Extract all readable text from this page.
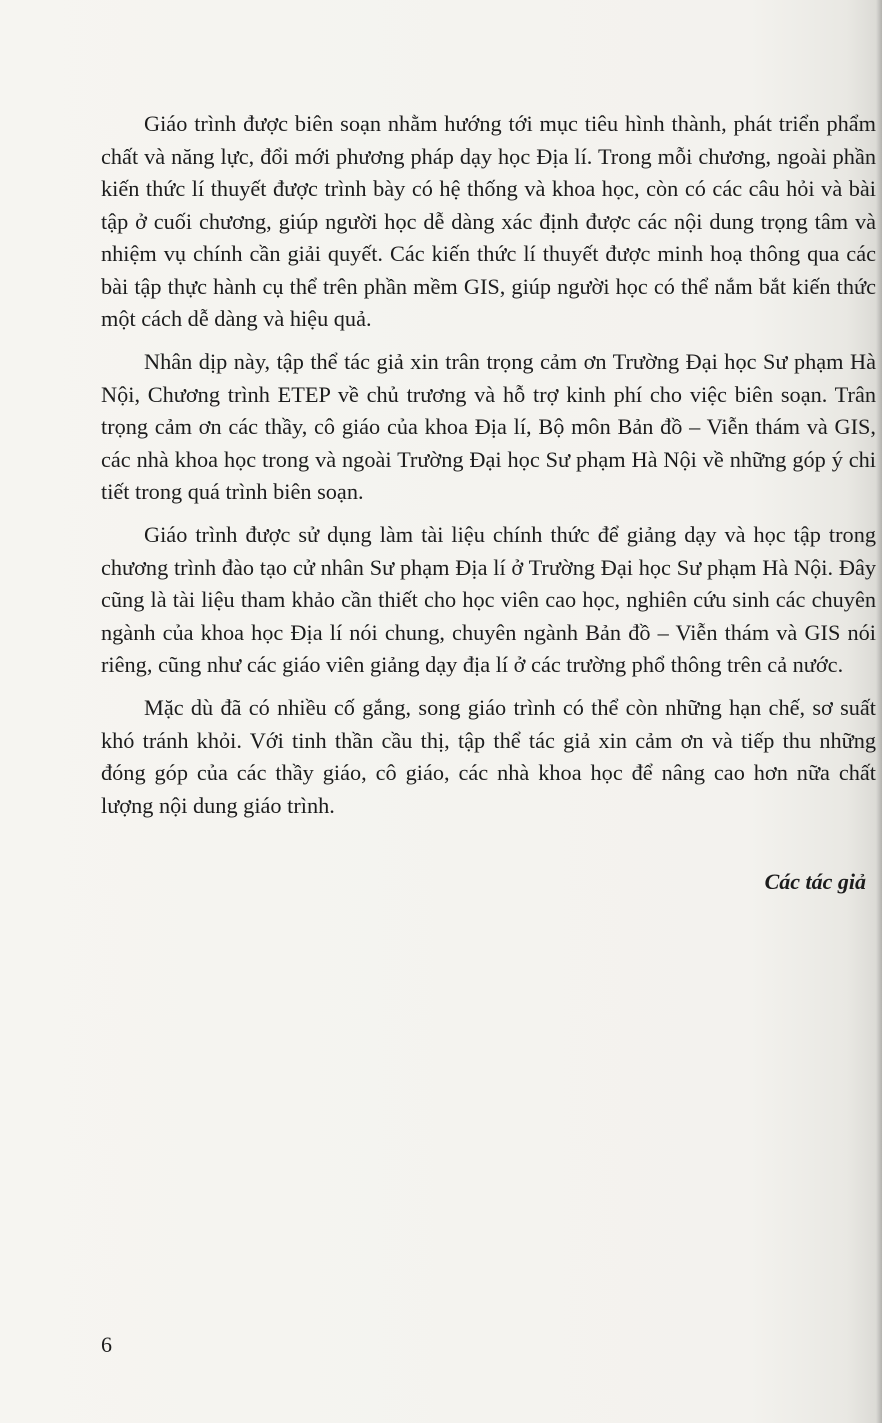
Giáo trình được biên soạn nhằm hướng tới mục tiêu hình thành, phát triển phẩm chất và năng lực, đổi mới phương pháp dạy học Địa lí. Trong mỗi chương, ngoài phần kiến thức lí thuyết được trình bày có hệ thống và khoa học, còn có các câu hỏi và bài tập ở cuối chương, giúp người học dễ dàng xác định được các nội dung trọng tâm và nhiệm vụ chính cần giải quyết. Các kiến thức lí thuyết được minh hoạ thông qua các bài tập thực hành cụ thể trên phần mềm GIS, giúp người học có thể nắm bắt kiến thức một cách dễ dàng và hiệu quả.

Nhân dịp này, tập thể tác giả xin trân trọng cảm ơn Trường Đại học Sư phạm Hà Nội, Chương trình ETEP về chủ trương và hỗ trợ kinh phí cho việc biên soạn. Trân trọng cảm ơn các thầy, cô giáo của khoa Địa lí, Bộ môn Bản đồ – Viễn thám và GIS, các nhà khoa học trong và ngoài Trường Đại học Sư phạm Hà Nội về những góp ý chi tiết trong quá trình biên soạn.

Giáo trình được sử dụng làm tài liệu chính thức để giảng dạy và học tập trong chương trình đào tạo cử nhân Sư phạm Địa lí ở Trường Đại học Sư phạm Hà Nội. Đây cũng là tài liệu tham khảo cần thiết cho học viên cao học, nghiên cứu sinh các chuyên ngành của khoa học Địa lí nói chung, chuyên ngành Bản đồ – Viễn thám và GIS nói riêng, cũng như các giáo viên giảng dạy địa lí ở các trường phổ thông trên cả nước.

Mặc dù đã có nhiều cố gắng, song giáo trình có thể còn những hạn chế, sơ suất khó tránh khỏi. Với tinh thần cầu thị, tập thể tác giả xin cảm ơn và tiếp thu những đóng góp của các thầy giáo, cô giáo, các nhà khoa học để nâng cao hơn nữa chất lượng nội dung giáo trình.

Các tác giả
6
